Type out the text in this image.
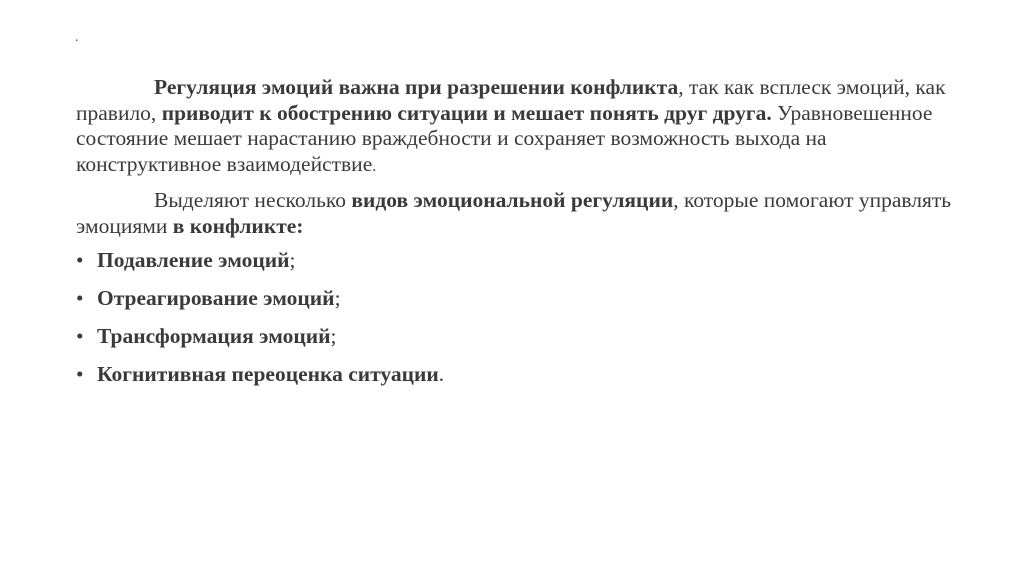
.

Регуляция эмоций важна при разрешении конфликта, так как всплеск эмоций, как правило, приводит к обострению ситуации и мешает понять друг друга. Уравновешенное состояние мешает нарастанию враждебности и сохраняет возможность выхода на конструктивное взаимодействие.

Выделяют несколько видов эмоциональной регуляции, которые помогают управлять эмоциями в конфликте:

• Подавление эмоций;
• Отреагирование эмоций;
• Трансформация эмоций;
• Когнитивная переоценка ситуации.
